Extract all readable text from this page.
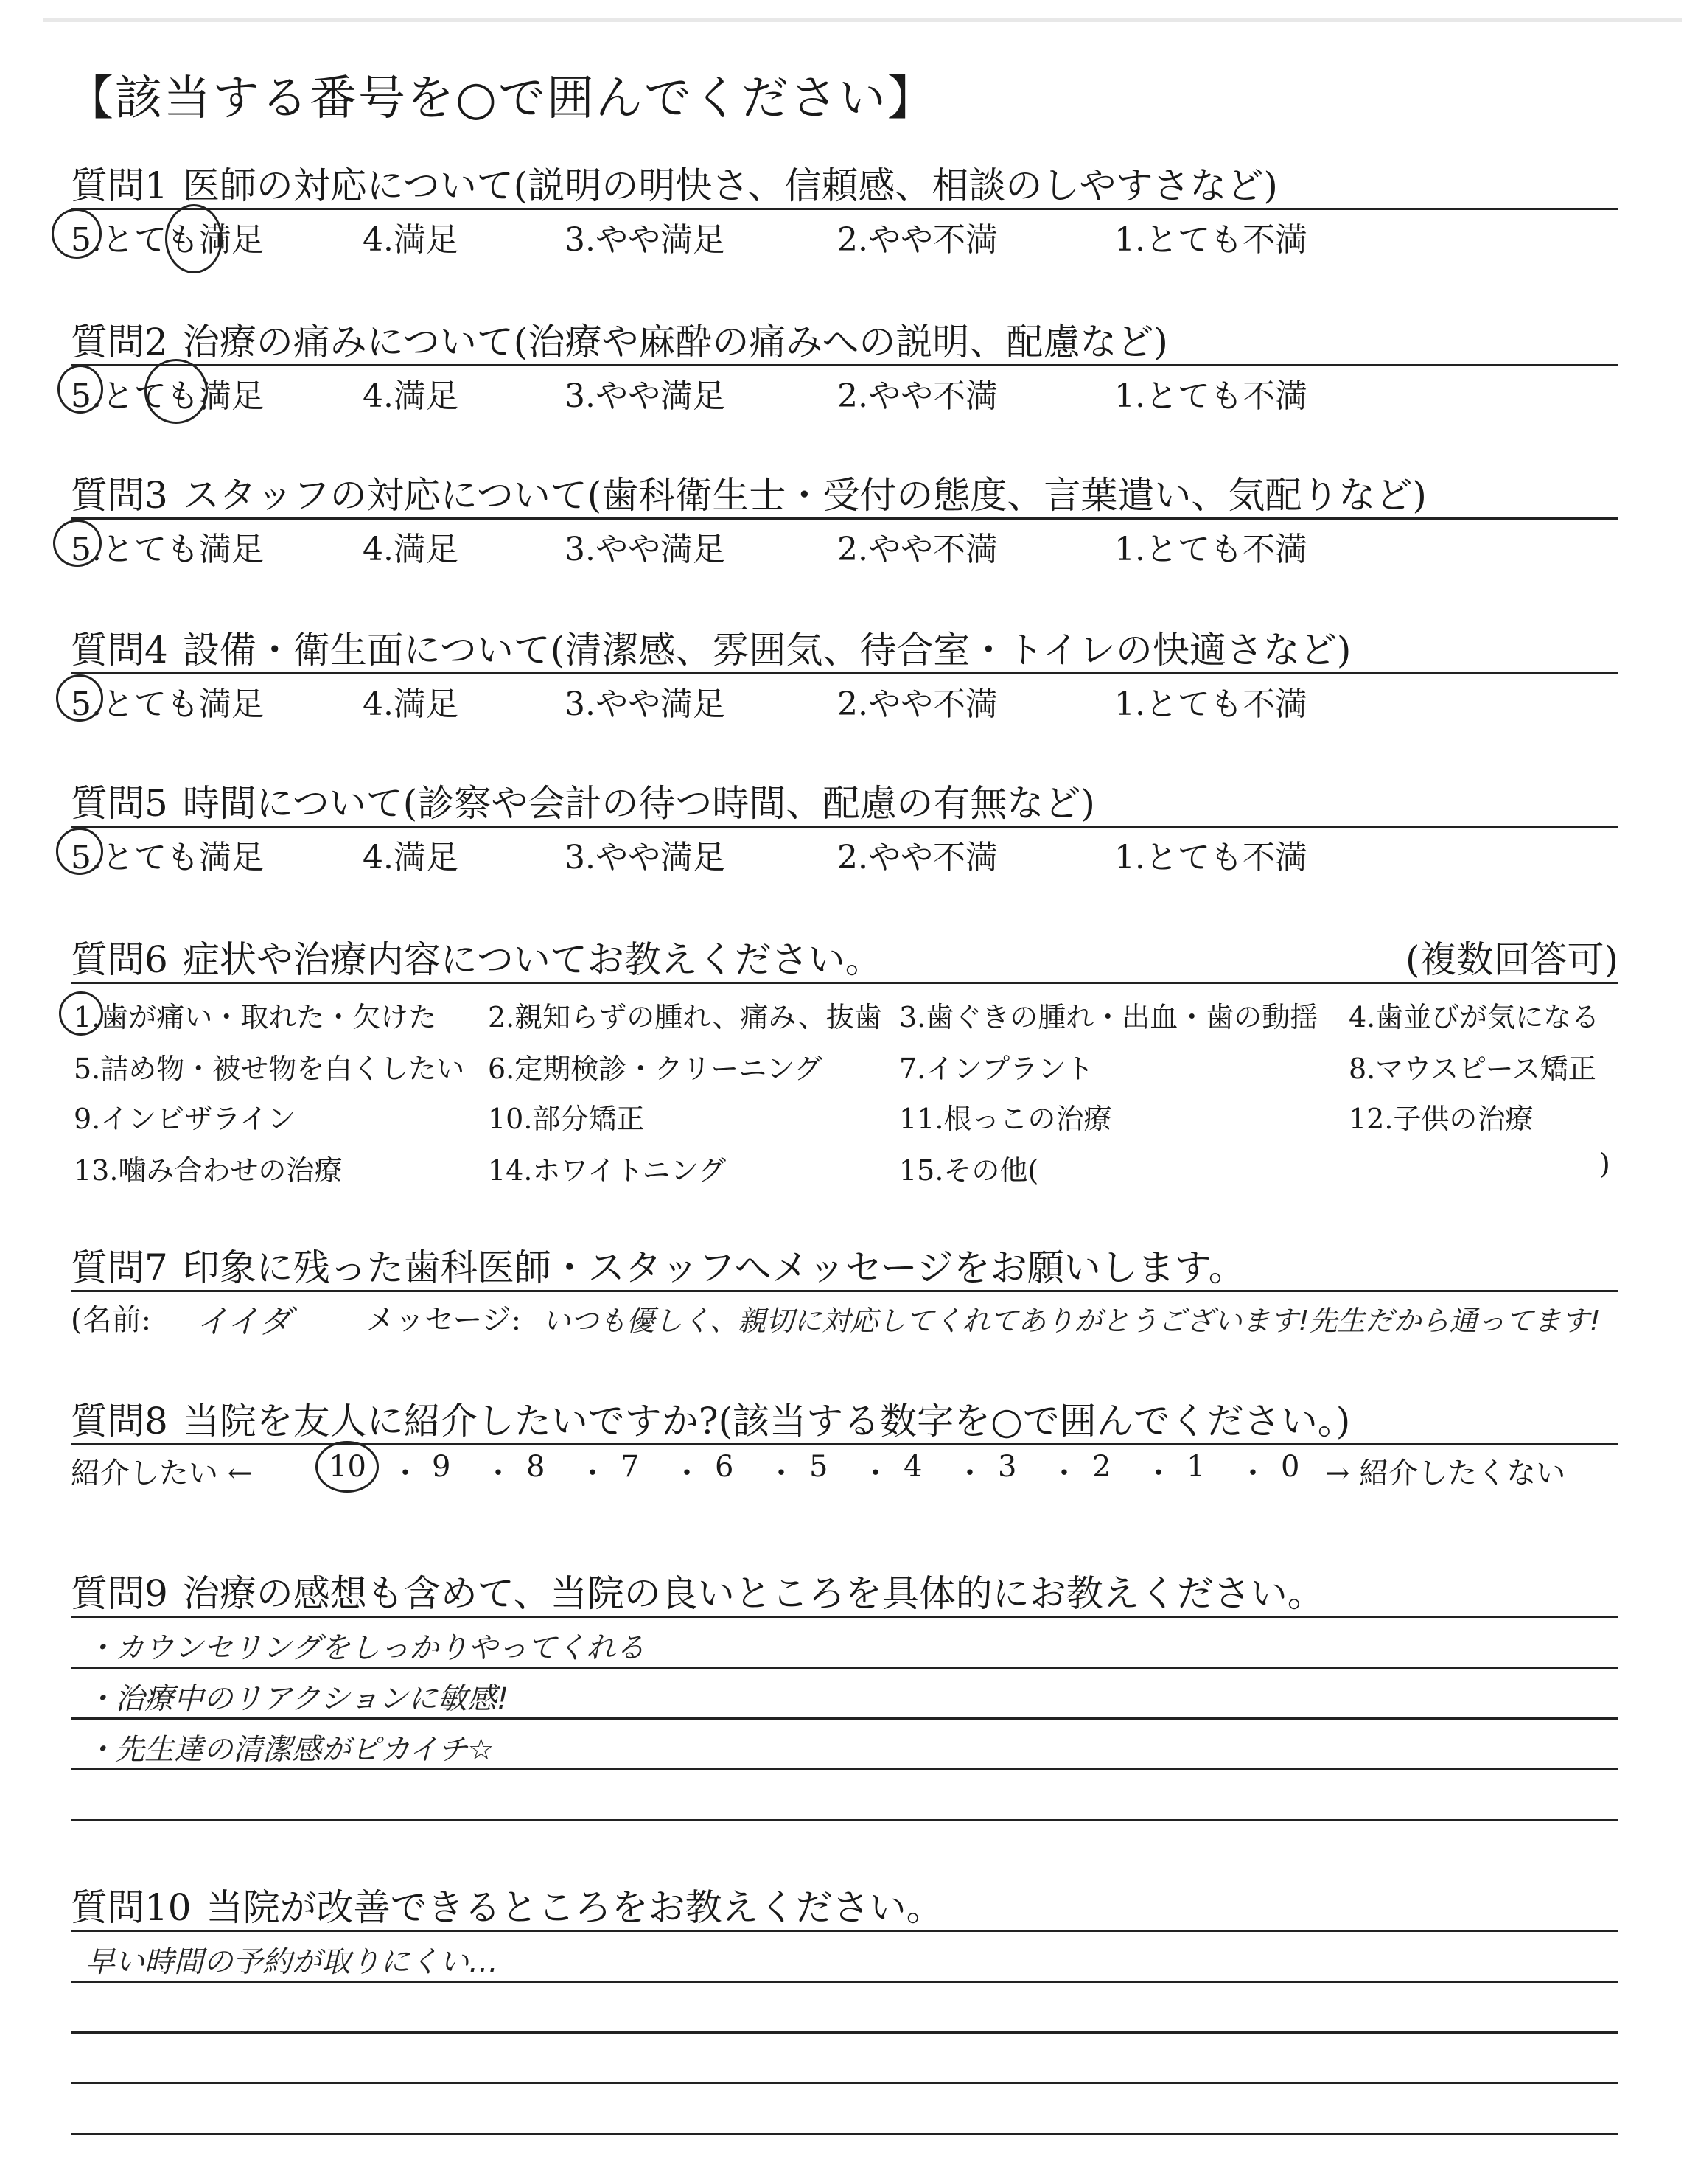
【該当する番号を○で囲んでください】
質問1 医師の対応について(説明の明快さ、信頼感、相談のしやすさなど)
5.とても満足	4.満足	3.やや満足	2.やや不満	1.とても不満
質問2 治療の痛みについて(治療や麻酔の痛みへの説明、配慮など)
5.とても満足	4.満足	3.やや満足	2.やや不満	1.とても不満
質問3 スタッフの対応について(歯科衛生士・受付の態度、言葉遣い、気配りなど)
5.とても満足	4.満足	3.やや満足	2.やや不満	1.とても不満
質問4 設備・衛生面について(清潔感、雰囲気、待合室・トイレの快適さなど)
5.とても満足	4.満足	3.やや満足	2.やや不満	1.とても不満
質問5 時間について(診察や会計の待つ時間、配慮の有無など)
5.とても満足	4.満足	3.やや満足	2.やや不満	1.とても不満
質問6 症状や治療内容についてお教えください。	(複数回答可)
1.歯が痛い・取れた・欠けた 2.親知らずの腫れ、痛み、抜歯 3.歯ぐきの腫れ・出血・歯の動揺 4.歯並びが気になる
5.詰め物・被せ物を白くしたい 6.定期検診・クリーニング	7.インプラント	8.マウスピース矯正
9.インビザライン	10.部分矯正	11.根っこの治療	12.子供の治療
13.噛み合わせの治療	14.ホワイトニング	15.その他(	)
質問7 印象に残った歯科医師・スタッフへメッセージをお願いします。
(名前: イイダ	メッセージ: いつも優しく、親切に対応してくれてありがとうございます!先生だから通ってます!
質問8 当院を友人に紹介したいですか?(該当する数字を○で囲んでください。)
紹介したい ←	10 ・ 9 ・ 8 ・ 7 ・ 6 ・ 5 ・ 4 ・ 3 ・ 2 ・ 1 ・ 0 → 紹介したくない
質問9 治療の感想も含めて、当院の良いところを具体的にお教えください。
・カウンセリングをしっかりやってくれる
・治療中のリアクションに敏感!
・先生達の清潔感がピカイチ☆
質問10 当院が改善できるところをお教えください。
早い時間の予約が取りにくい…
